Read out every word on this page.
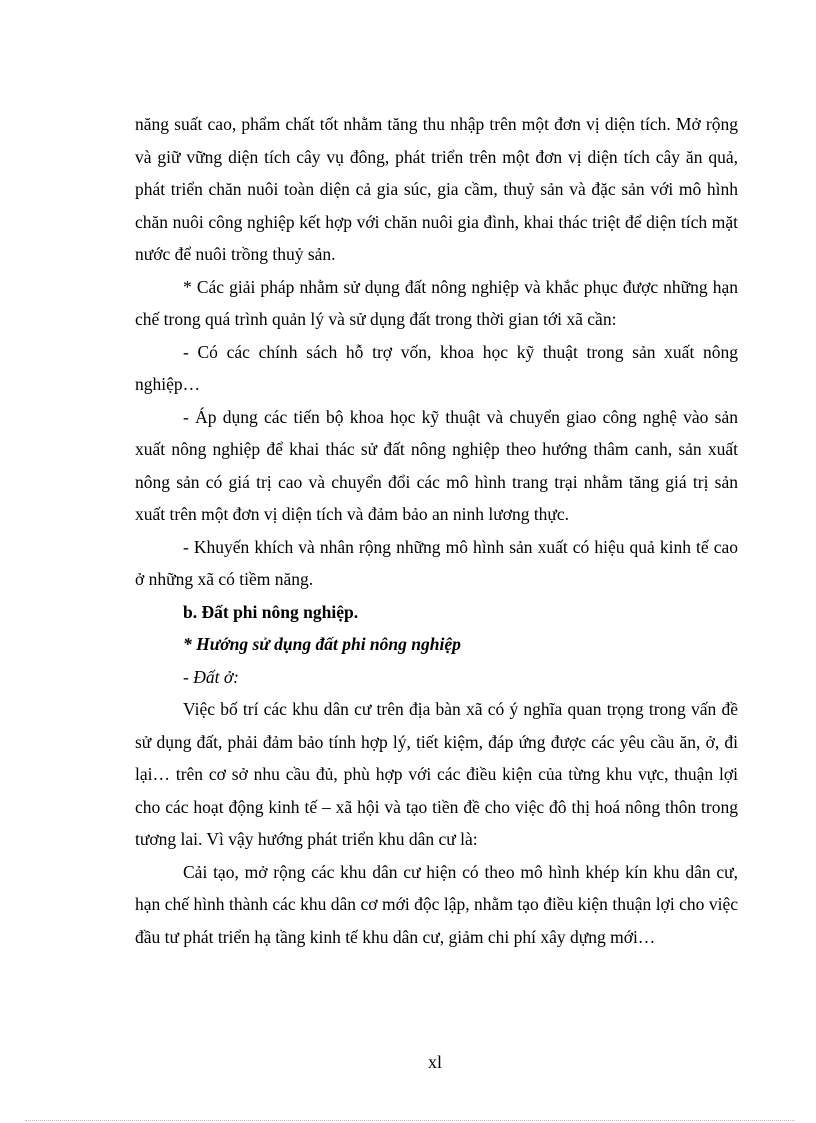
năng suất cao, phẩm chất tốt nhằm tăng thu nhập trên một đơn vị diện tích. Mở rộng và giữ vững diện tích cây vụ đông, phát triển trên một đơn vị diện tích cây ăn quả, phát triển chăn nuôi toàn diện cả gia súc, gia cầm, thuỷ sản và đặc sản với mô hình chăn nuôi công nghiệp kết hợp với chăn nuôi gia đình, khai thác triệt để diện tích mặt nước để nuôi trồng thuỷ sản.

* Các giải pháp nhằm sử dụng đất nông nghiệp và khắc phục được những hạn chế trong quá trình quản lý và sử dụng đất trong thời gian tới xã cần:

- Có các chính sách hỗ trợ vốn, khoa học kỹ thuật trong sản xuất nông nghiệp…

- Áp dụng các tiến bộ khoa học kỹ thuật và chuyển giao công nghệ vào sản xuất nông nghiệp để khai thác sử đất nông nghiệp theo hướng thâm canh, sản xuất nông sản có giá trị cao và chuyển đổi các mô hình trang trại nhằm tăng giá trị sản xuất trên một đơn vị diện tích và đảm bảo an ninh lương thực.

- Khuyến khích và nhân rộng những mô hình sản xuất có hiệu quả kinh tế cao ở những xã có tiềm năng.

b. Đất phi nông nghiệp.

* Hướng sử dụng đất phi nông nghiệp

- Đất ở:

Việc bố trí các khu dân cư trên địa bàn xã có ý nghĩa quan trọng trong vấn đề sử dụng đất, phải đảm bảo tính hợp lý, tiết kiệm, đáp ứng được các yêu cầu ăn, ở, đi lại… trên cơ sở nhu cầu đủ, phù hợp với các điều kiện của từng khu vực, thuận lợi cho các hoạt động kinh tế – xã hội và tạo tiền đề cho việc đô thị hoá nông thôn trong tương lai. Vì vậy hướng phát triển khu dân cư là:

Cải tạo, mở rộng các khu dân cư hiện có theo mô hình khép kín khu dân cư, hạn chế hình thành các khu dân cơ mới độc lập, nhằm tạo điều kiện thuận lợi cho việc đầu tư phát triển hạ tầng kinh tế khu dân cư, giảm chi phí xây dựng mới…

xl
